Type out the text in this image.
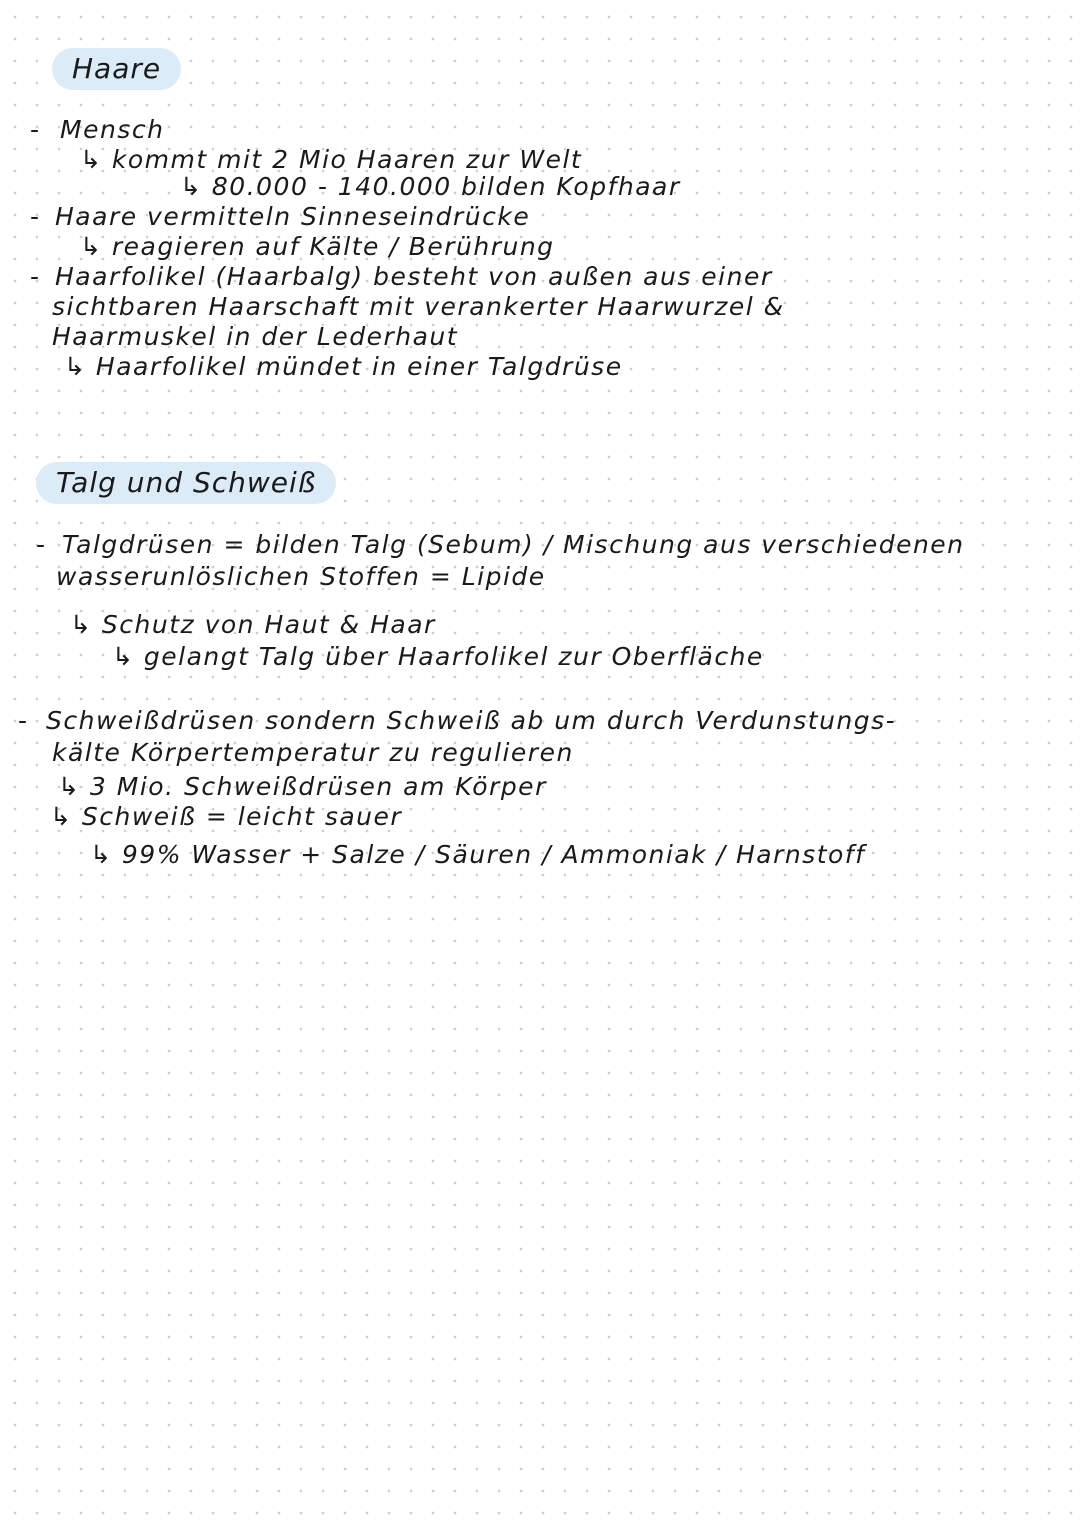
Haare
- Mensch
↳ kommt mit 2 Mio Haaren zur Welt
↳ 80.000 - 140.000 bilden Kopfhaar
- Haare vermitteln Sinneseindrücke
↳ reagieren auf Kälte / Berührung
- Haarfolikel (Haarbalg) besteht von außen aus einer
sichtbaren Haarschaft mit verankerter Haarwurzel &
Haarmuskel in der Lederhaut
↳ Haarfolikel mündet in einer Talgdrüse
Talg und Schweiß
- Talgdrüsen = bilden Talg (Sebum) / Mischung aus verschiedenen
wasserunlöslichen Stoffen = Lipide
↳ Schutz von Haut & Haar
↳ gelangt Talg über Haarfolikel zur Oberfläche
- Schweißdrüsen sondern Schweiß ab um durch Verdunstungs-
kälte Körpertemperatur zu regulieren
↳ 3 Mio. Schweißdrüsen am Körper
↳ Schweiß = leicht sauer
↳ 99% Wasser + Salze / Säuren / Ammoniak / Harnstoff
